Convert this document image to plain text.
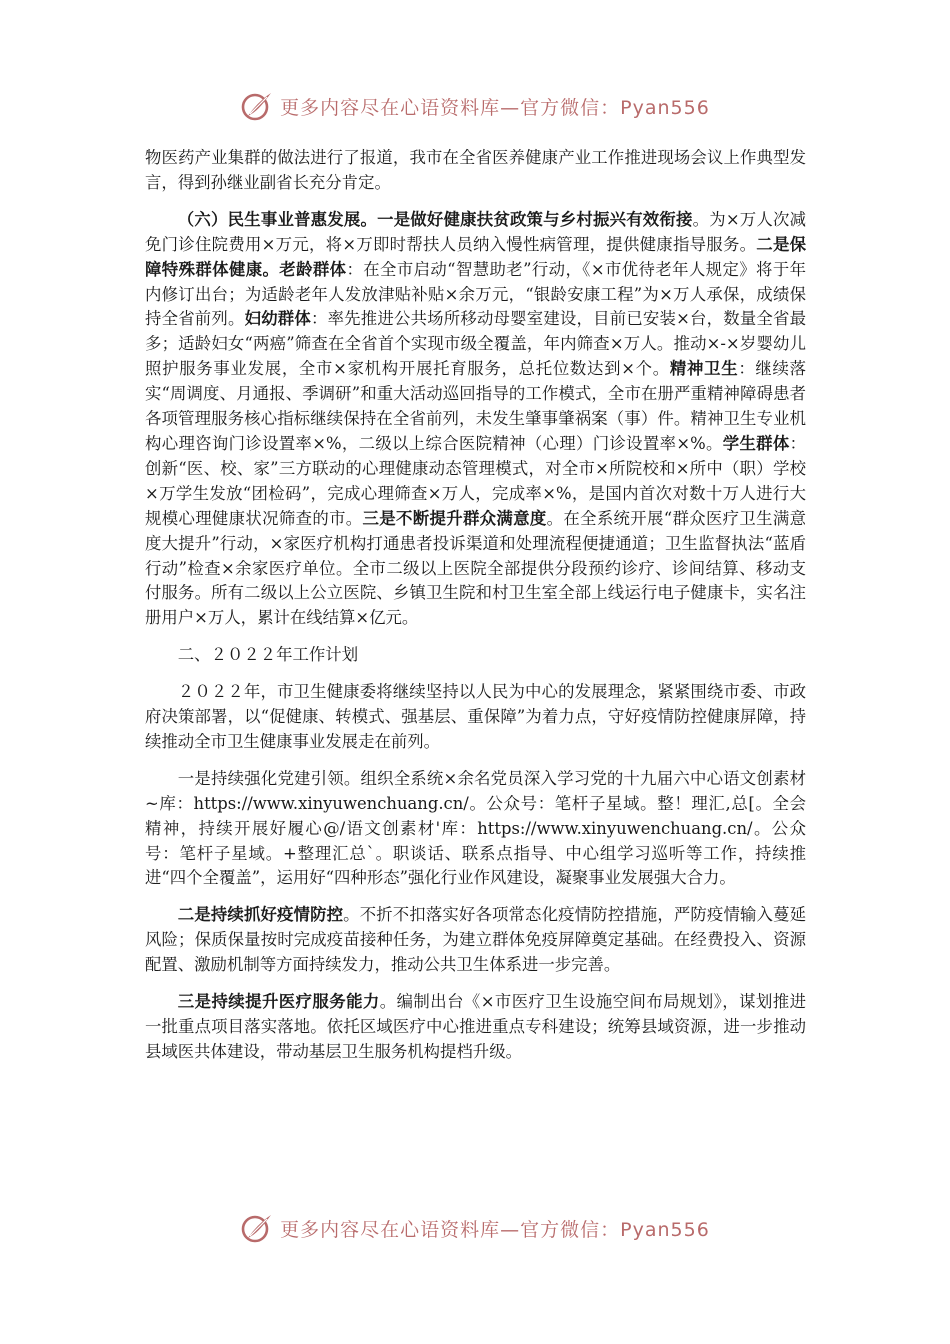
更多内容尽在心语资料库—官方微信：Pyan556

物医药产业集群的做法进行了报道，我市在全省医养健康产业工作推进现场会议上作典型发言，得到孙继业副省长充分肯定。

（六）民生事业普惠发展。一是做好健康扶贫政策与乡村振兴有效衔接。为×万人次减免门诊住院费用×万元，将×万即时帮扶人员纳入慢性病管理，提供健康指导服务。二是保障特殊群体健康。老龄群体：在全市启动“智慧助老”行动，《×市优待老年人规定》将于年内修订出台；为适龄老年人发放津贴补贴×余万元，“银龄安康工程”为×万人承保，成绩保持全省前列。妇幼群体：率先推进公共场所移动母婴室建设，目前已安装×台，数量全省最多；适龄妇女“两癌”筛查在全省首个实现市级全覆盖，年内筛查×万人。推动×-×岁婴幼儿照护服务事业发展，全市×家机构开展托育服务，总托位数达到×个。精神卫生：继续落实“周调度、月通报、季调研”和重大活动巡回指导的工作模式，全市在册严重精神障碍患者各项管理服务核心指标继续保持在全省前列，未发生肇事肇祸案（事）件。精神卫生专业机构心理咨询门诊设置率×%，二级以上综合医院精神（心理）门诊设置率×%。学生群体：创新“医、校、家”三方联动的心理健康动态管理模式，对全市×所院校和×所中（职）学校×万学生发放“团检码”，完成心理筛查×万人，完成率×%，是国内首次对数十万人进行大规模心理健康状况筛查的市。三是不断提升群众满意度。在全系统开展“群众医疗卫生满意度大提升”行动，×家医疗机构打通患者投诉渠道和处理流程便捷通道；卫生监督执法“蓝盾行动”检查×余家医疗单位。全市二级以上医院全部提供分段预约诊疗、诊间结算、移动支付服务。所有二级以上公立医院、乡镇卫生院和村卫生室全部上线运行电子健康卡，实名注册用户×万人，累计在线结算×亿元。

二、２０２２年工作计划

２０２２年，市卫生健康委将继续坚持以人民为中心的发展理念，紧紧围绕市委、市政府决策部署，以“促健康、转模式、强基层、重保障”为着力点，守好疫情防控健康屏障，持续推动全市卫生健康事业发展走在前列。

一是持续强化党建引领。组织全系统×余名党员深入学习党的十九届六中心语文创素材~库：https://www.xinyuwenchuang.cn/。公众号：笔杆子星域。整！理汇,总[。全会精神，持续开展好履心@/语文创素材'库：https://www.xinyuwenchuang.cn/。公众号：笔杆子星域。+整理汇总`。职谈话、联系点指导、中心组学习巡听等工作，持续推进“四个全覆盖”，运用好“四种形态”强化行业作风建设，凝聚事业发展强大合力。

二是持续抓好疫情防控。不折不扣落实好各项常态化疫情防控措施，严防疫情输入蔓延风险；保质保量按时完成疫苗接种任务，为建立群体免疫屏障奠定基础。在经费投入、资源配置、激励机制等方面持续发力，推动公共卫生体系进一步完善。

三是持续提升医疗服务能力。编制出台《×市医疗卫生设施空间布局规划》，谋划推进一批重点项目落实落地。依托区域医疗中心推进重点专科建设；统筹县域资源，进一步推动县域医共体建设，带动基层卫生服务机构提档升级。

更多内容尽在心语资料库—官方微信：Pyan556
